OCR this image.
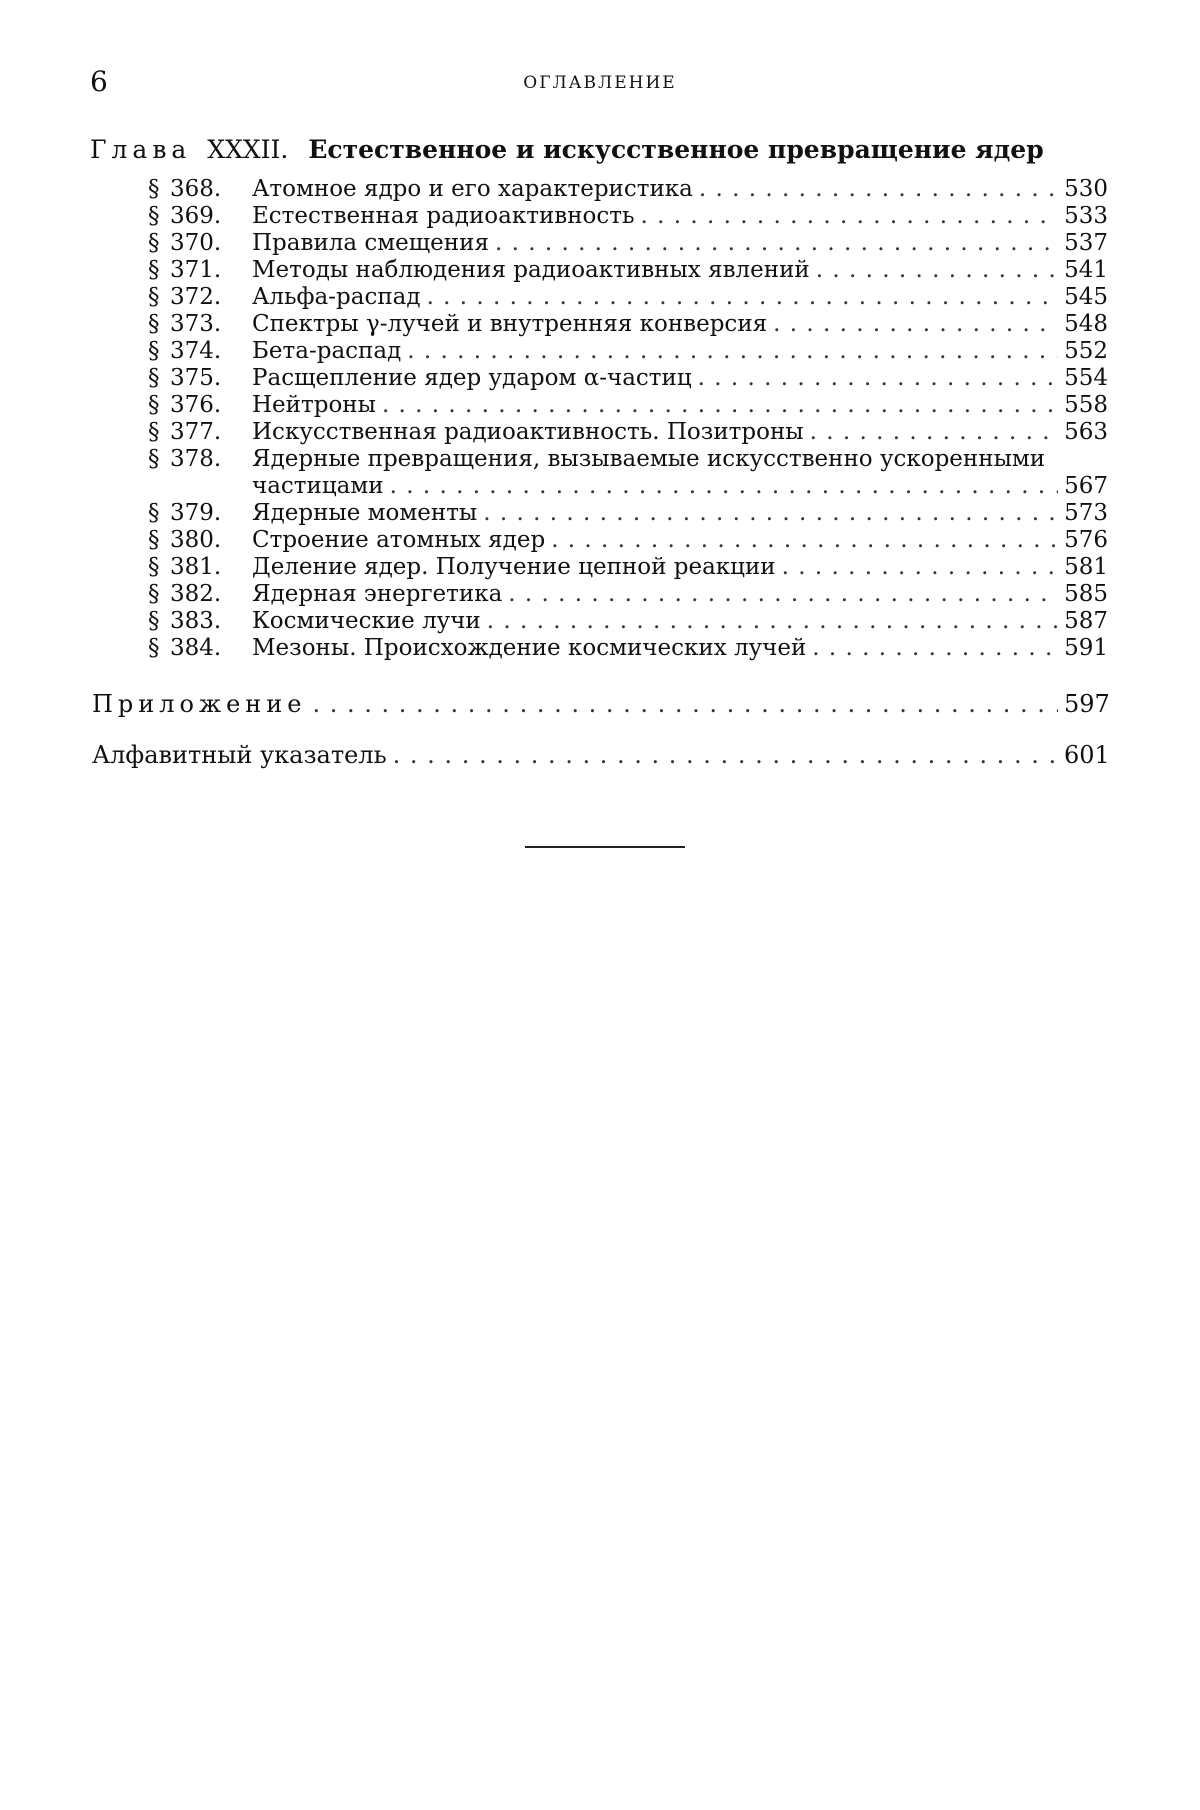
6	ОГЛАВЛЕНИЕ
Глава XXXII. Естественное и искусственное превращение ядер
§ 368.	Атомное ядро и его характеристика . . .	530
§ 369.	Естественная радиоактивность . . .	533
§ 370.	Правила смещения . . .	537
§ 371.	Методы наблюдения радиоактивных явлений . . .	541
§ 372.	Альфа-распад . . .	545
§ 373.	Спектры γ-лучей и внутренняя конверсия . . .	548
§ 374.	Бета-распад . . .	552
§ 375.	Расщепление ядер ударом α-частиц . . .	554
§ 376.	Нейтроны . . .	558
§ 377.	Искусственная радиоактивность. Позитроны . . .	563
§ 378.	Ядерные превращения, вызываемые искусственно ускоренными
частицами . . .	567
§ 379.	Ядерные моменты . . .	573
§ 380.	Строение атомных ядер . . .	576
§ 381.	Деление ядер. Получение цепной реакции . . .	581
§ 382.	Ядерная энергетика . . .	585
§ 383.	Космические лучи . . .	587
§ 384.	Мезоны. Происхождение космических лучей . . .	591
Приложение . . .	597
Алфавитный указатель . . .	601
